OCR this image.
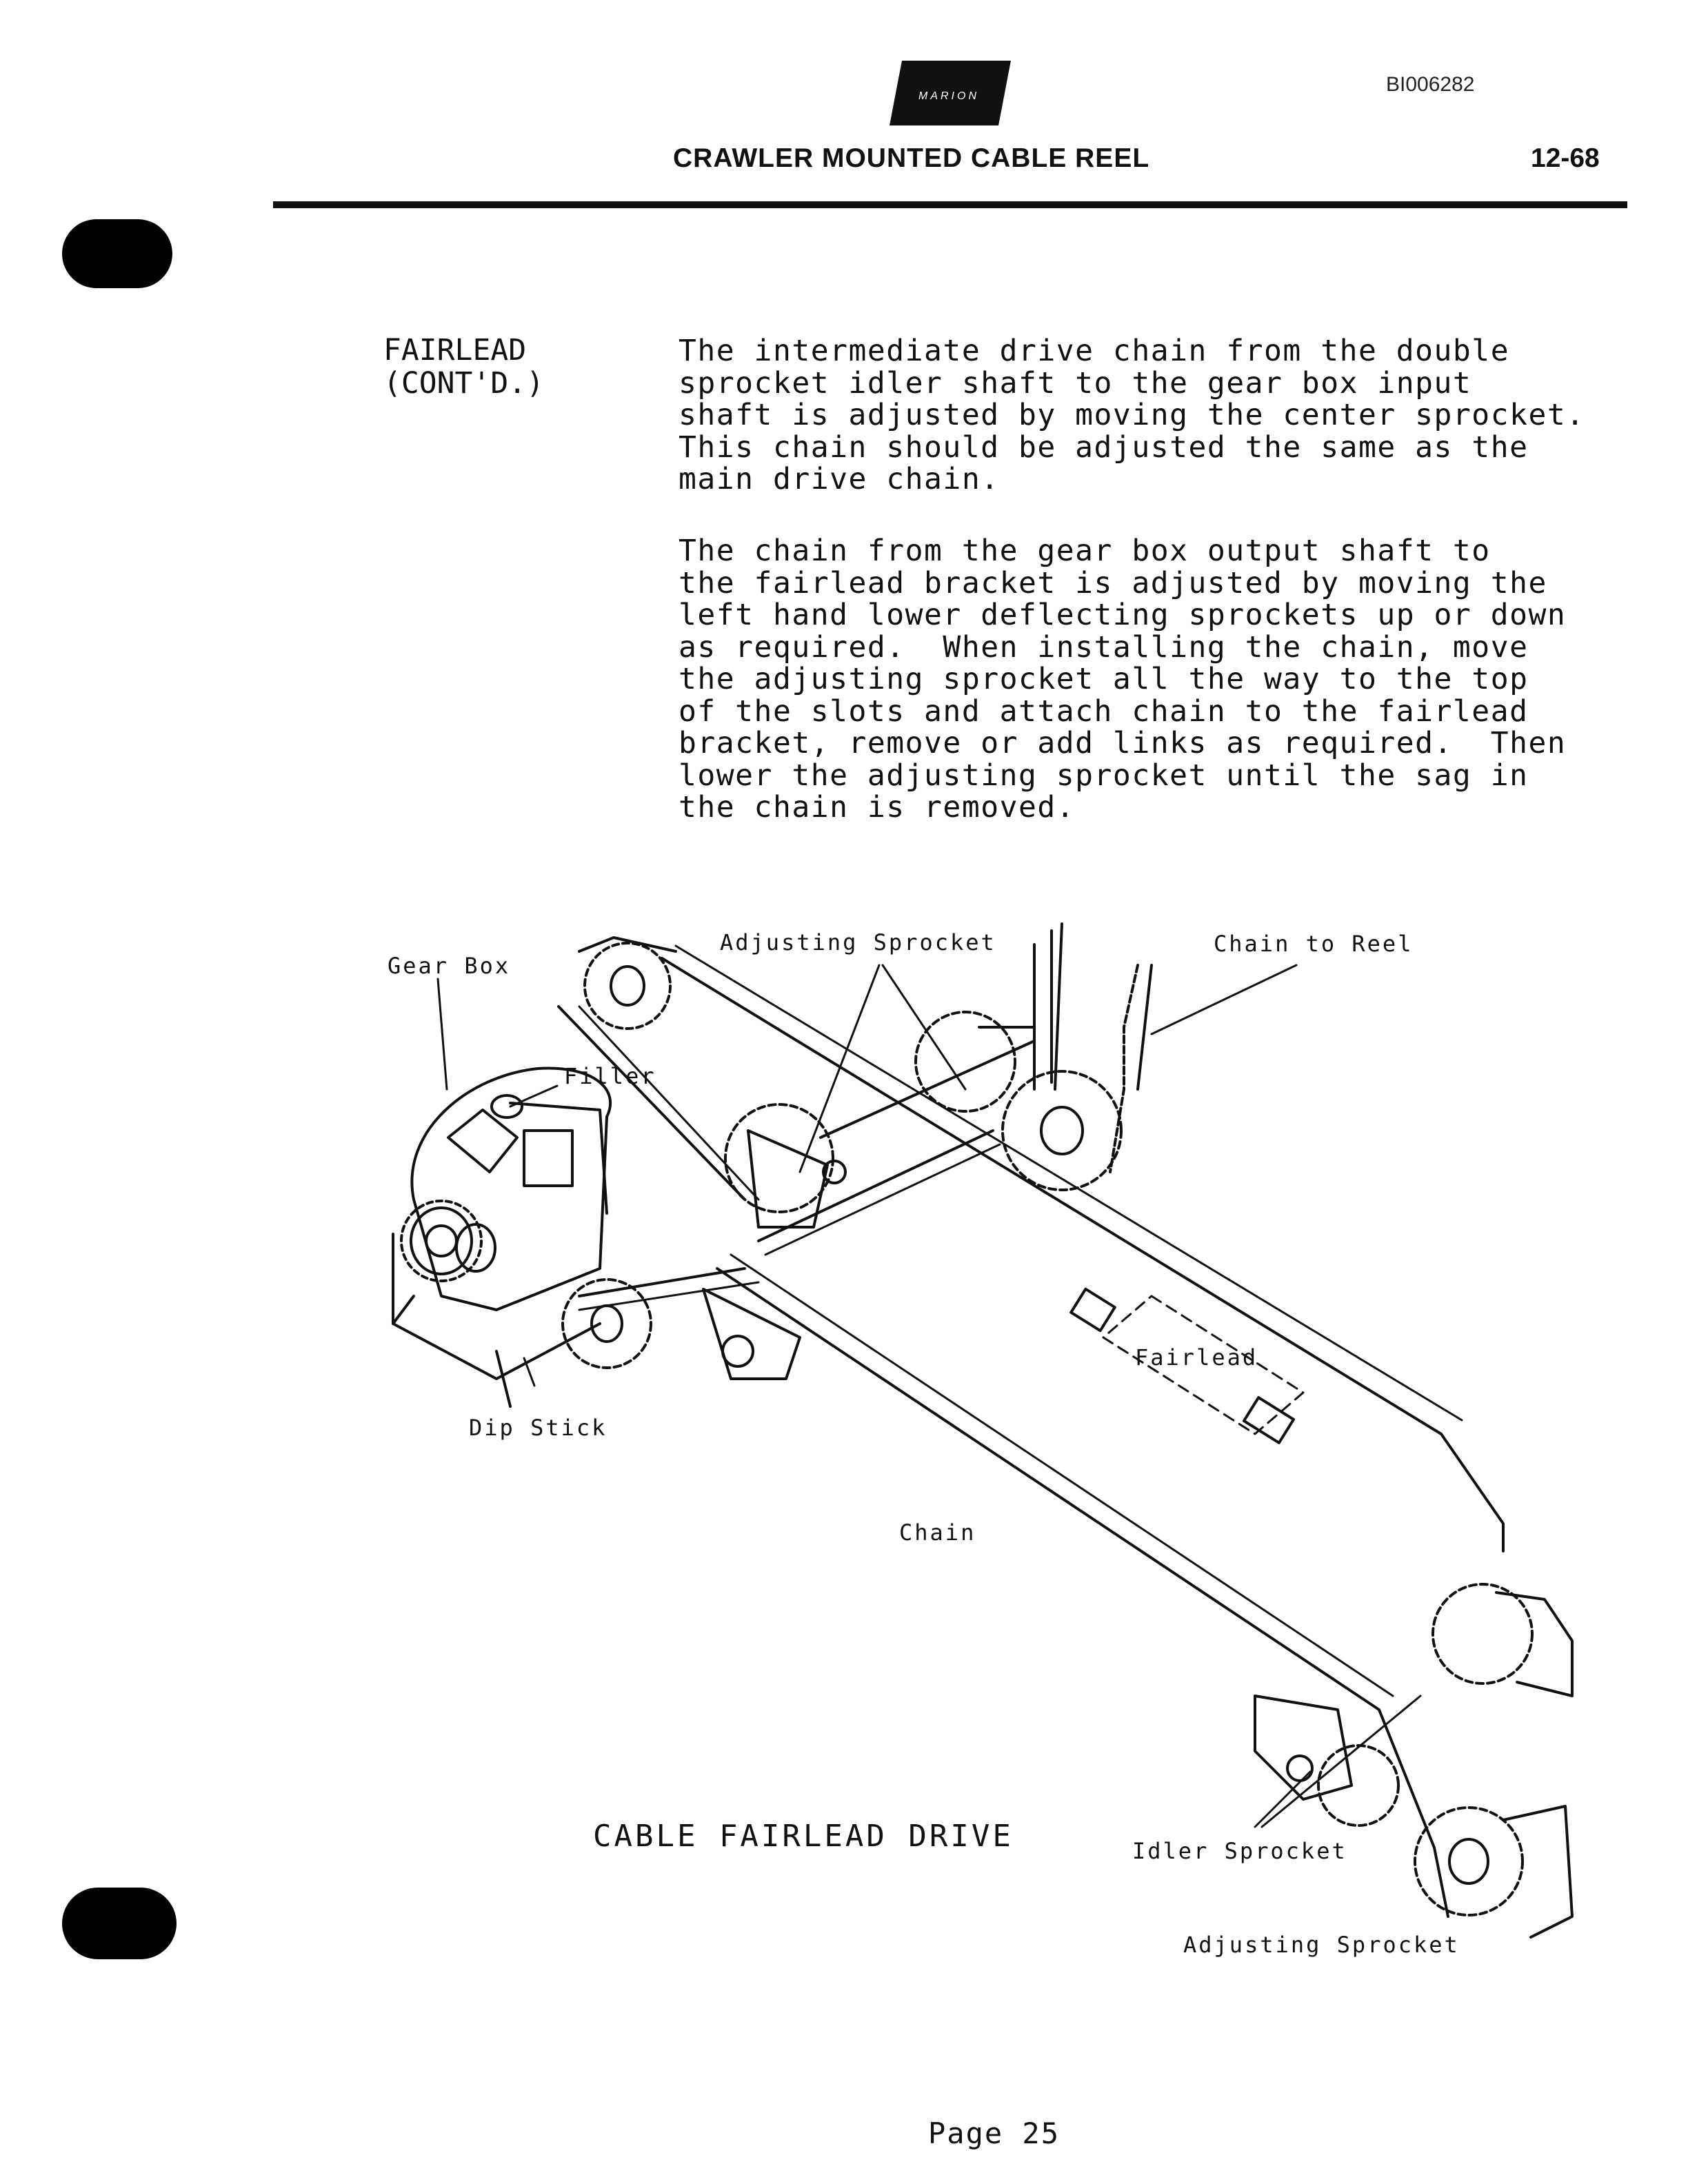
MARION
BI006282
CRAWLER MOUNTED CABLE REEL	12-68
FAIRLEAD
(CONT'D.)
The intermediate drive chain from the double
sprocket idler shaft to the gear box input
shaft is adjusted by moving the center sprocket.
This chain should be adjusted the same as the
main drive chain.
The chain from the gear box output shaft to
the fairlead bracket is adjusted by moving the
left hand lower deflecting sprockets up or down
as required.  When installing the chain, move
the adjusting sprocket all the way to the top
of the slots and attach chain to the fairlead
bracket, remove or add links as required.  Then
lower the adjusting sprocket until the sag in
the chain is removed.
Gear Box
Adjusting Sprocket	Chain to Reel
Filler
Fairlead
Dip Stick
Chain
Idler Sprocket
Adjusting Sprocket
CABLE FAIRLEAD DRIVE
Page 25
